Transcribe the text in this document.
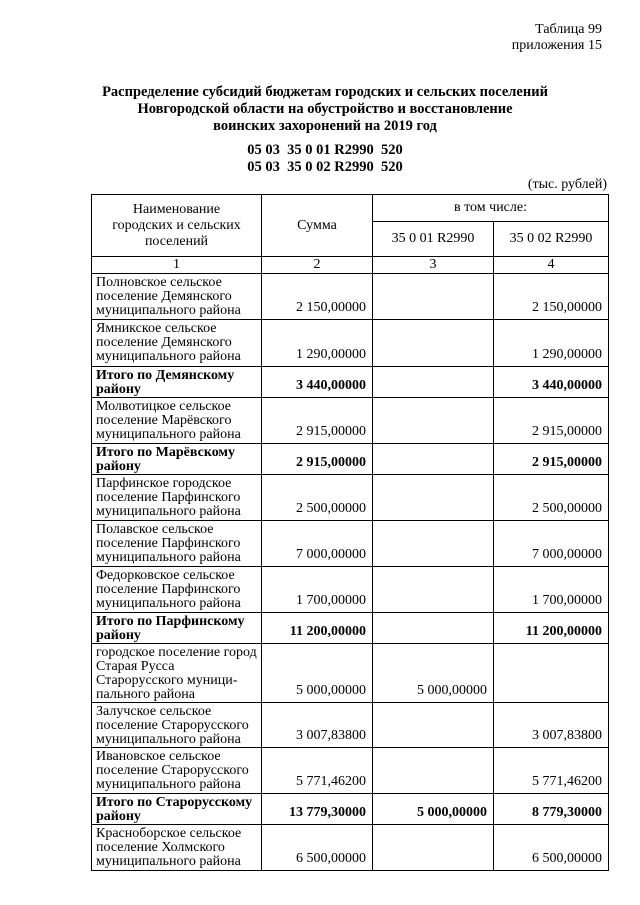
Таблица 99
приложения 15
Распределение субсидий бюджетам городских и сельских поселений
Новгородской области на обустройство и восстановление
воинских захоронений на 2019 год
05 03  35 0 01 R2990  520
05 03  35 0 02 R2990  520
(тыс. рублей)
Наименование городских и сельских поселений	Сумма	в том числе:	
		35 0 01 R2990	35 0 02 R2990
1	2	3	4
Полновское сельское поселение Демянского муниципального района	2 150,00000		2 150,00000
Ямникское сельское поселение Демянского муниципального района	1 290,00000		1 290,00000
Итого по Демянскому району	3 440,00000		3 440,00000
Молвотицкое сельское поселение Марёвского муниципального района	2 915,00000		2 915,00000
Итого по Марёвскому району	2 915,00000		2 915,00000
Парфинское городское поселение Парфинского муниципального района	2 500,00000		2 500,00000
Полавское сельское поселение Парфинского муниципального района	7 000,00000		7 000,00000
Федорковское сельское поселение Парфинского муниципального района	1 700,00000		1 700,00000
Итого по Парфинскому району	11 200,00000		11 200,00000
городское поселение город Старая Русса Старорусского муници-пального района	5 000,00000	5 000,00000	
Залучское сельское поселение Старорусского муниципального района	3 007,83800		3 007,83800
Ивановское сельское поселение Старорусского муниципального района	5 771,46200		5 771,46200
Итого по Старорусскому району	13 779,30000	5 000,00000	8 779,30000
Красноборское сельское поселение Холмского муниципального района	6 500,00000		6 500,00000
